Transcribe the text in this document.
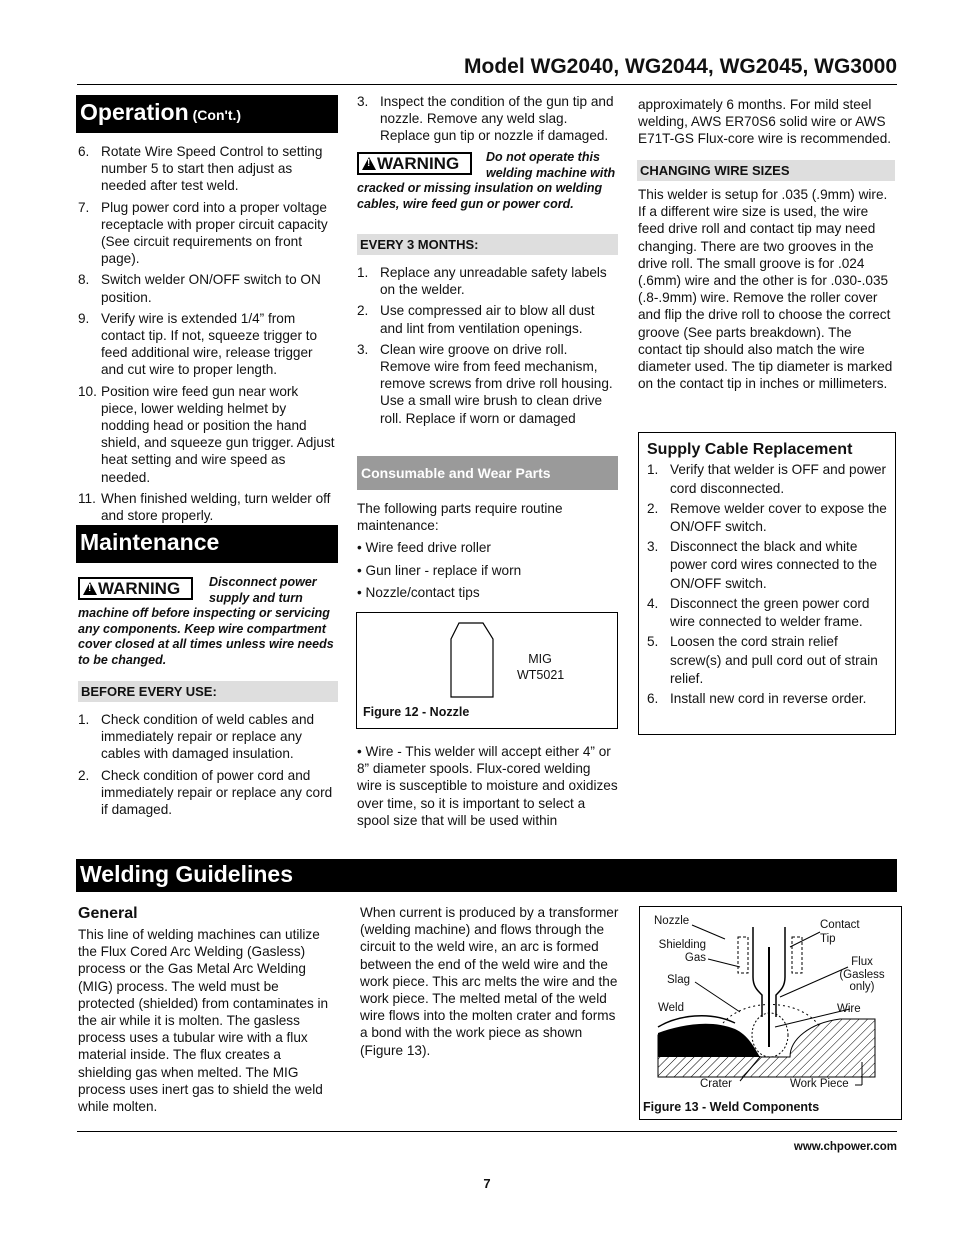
Model WG2040, WG2044, WG2045, WG3000
Operation (Con't.)
6. Rotate Wire Speed Control to setting number 5 to start then adjust as needed after test weld.
7. Plug power cord into a proper voltage receptacle with proper circuit capacity (See circuit requirements on front page).
8. Switch welder ON/OFF switch to ON position.
9. Verify wire is extended 1/4” from contact tip. If not, squeeze trigger to feed additional wire, release trigger and cut wire to proper length.
10. Position wire feed gun near work piece, lower welding helmet by nodding head or position the hand shield, and squeeze gun trigger. Adjust heat setting and wire speed as needed.
11. When finished welding, turn welder off and store properly.
Maintenance
!
WARNING Disconnect power supply and turn machine off before inspecting or servicing any components. Keep wire compartment cover closed at all times unless wire needs to be changed.
BEFORE EVERY USE:
1. Check condition of weld cables and immediately repair or replace any cables with damaged insulation.
2. Check condition of power cord and immediately repair or replace any cord if damaged.
3. Inspect the condition of the gun tip and nozzle. Remove any weld slag. Replace gun tip or nozzle if damaged.
!
WARNING Do not operate this welding machine with cracked or missing insulation on welding cables, wire feed gun or power cord.
EVERY 3 MONTHS:
1. Replace any unreadable safety labels on the welder.
2. Use compressed air to blow all dust and lint from ventilation openings.
3. Clean wire groove on drive roll. Remove wire from feed mechanism, remove screws from drive roll housing. Use a small wire brush to clean drive roll. Replace if worn or damaged
Consumable and Wear Parts

The following parts require routine maintenance:

• Wire feed drive roller

• Gun liner - replace if worn

• Nozzle/contact tips

MIG
WT5021
Figure 12 - Nozzle
• Wire - This welder will accept either 4” or 8” diameter spools. Flux-cored welding wire is susceptible to moisture and oxidizes over time, so it is important to select a spool size that will be used within
approximately 6 months. For mild steel welding, AWS ER70S6 solid wire or AWS E71T-GS Flux-core wire is recommended.
CHANGING WIRE SIZES
This welder is setup for .035 (.9mm) wire. If a different wire size is used, the wire feed drive roll and contact tip may need changing. There are two grooves in the drive roll. The small groove is for .024 (.6mm) wire and the other is for .030-.035 (.8-.9mm) wire. Remove the roller cover and flip the drive roll to choose the correct groove (See parts breakdown). The contact tip should also match the wire diameter used. The tip diameter is marked on the contact tip in inches or millimeters.
Supply Cable Replacement
1. Verify that welder is OFF and power cord disconnected.
2. Remove welder cover to expose the ON/OFF switch.
3. Disconnect the black and white power cord wires connected to the ON/OFF switch.
4. Disconnect the green power cord wire connected to welder frame.
5. Loosen the cord strain relief screw(s) and pull cord out of strain relief.
6. Install new cord in reverse order.
Welding Guidelines
General
This line of welding machines can utilize the Flux Cored Arc Welding (Gasless) process or the Gas Metal Arc Welding (MIG) process. The weld must be protected (shielded) from contaminates in the air while it is molten. The gasless process uses a tubular wire with a flux material inside. The flux creates a shielding gas when melted. The MIG process uses inert gas to shield the weld while molten.
When current is produced by a transformer (welding machine) and flows through the circuit to the weld wire, an arc is formed between the end of the weld wire and the work piece. This arc melts the wire and the work piece. The melted metal of the weld wire flows into the molten crater and forms a bond with the work piece as shown (Figure 13).
Nozzle
Shielding
Gas
Slag
Weld
Contact
Tip
Flux
(Gasless
only)
Wire
Crater	Work Piece
Figure 13 - Weld Components
www.chpower.com
7
